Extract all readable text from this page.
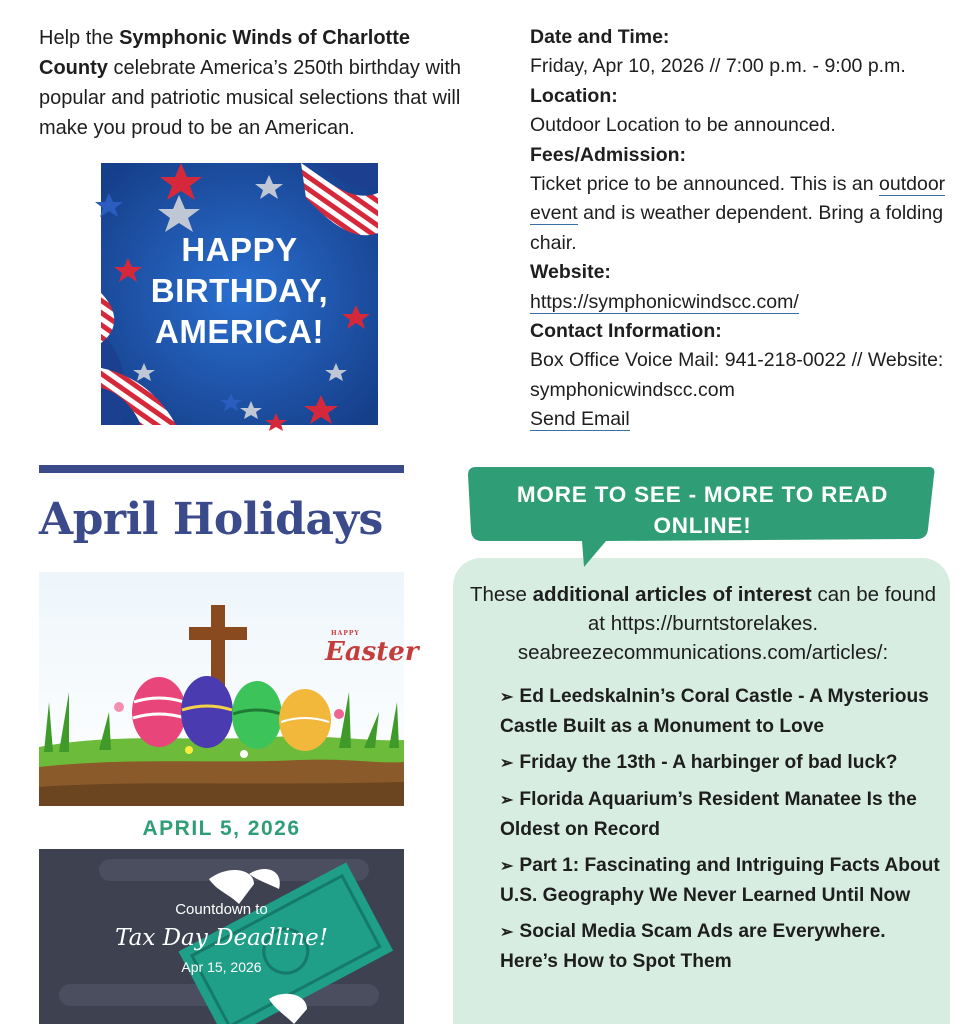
Help the Symphonic Winds of Charlotte County celebrate America’s 250th birthday with popular and patriotic musical selections that will make you proud to be an American.

HAPPY
BIRTHDAY,
AMERICA!
Date and Time:
Friday, Apr 10, 2026 // 7:00 p.m. - 9:00 p.m.
Location:
Outdoor Location to be announced.
Fees/Admission:
Ticket price to be announced. This is an outdoor event and is weather dependent. Bring a folding chair.
Website:
https://symphonicwindscc.com/
Contact Information:
Box Office Voice Mail: 941-218-0022 // Website: symphonicwindscc.com
Send Email
April Holidays
HAPPY
Easter
APRIL 5, 2026
Countdown to
Tax Day Deadline!
Apr 15, 2026
MORE TO SEE - MORE TO READ ONLINE!

These additional articles of interest can be found at https://burntstorelakes. seabreezecommunications.com/articles/:

➢ Ed Leedskalnin’s Coral Castle - A Mysterious Castle Built as a Monument to Love
➢ Friday the 13th - A harbinger of bad luck?
➢ Florida Aquarium’s Resident Manatee Is the Oldest on Record
➢ Part 1: Fascinating and Intriguing Facts About U.S. Geography We Never Learned Until Now
➢ Social Media Scam Ads are Everywhere. Here’s How to Spot Them
